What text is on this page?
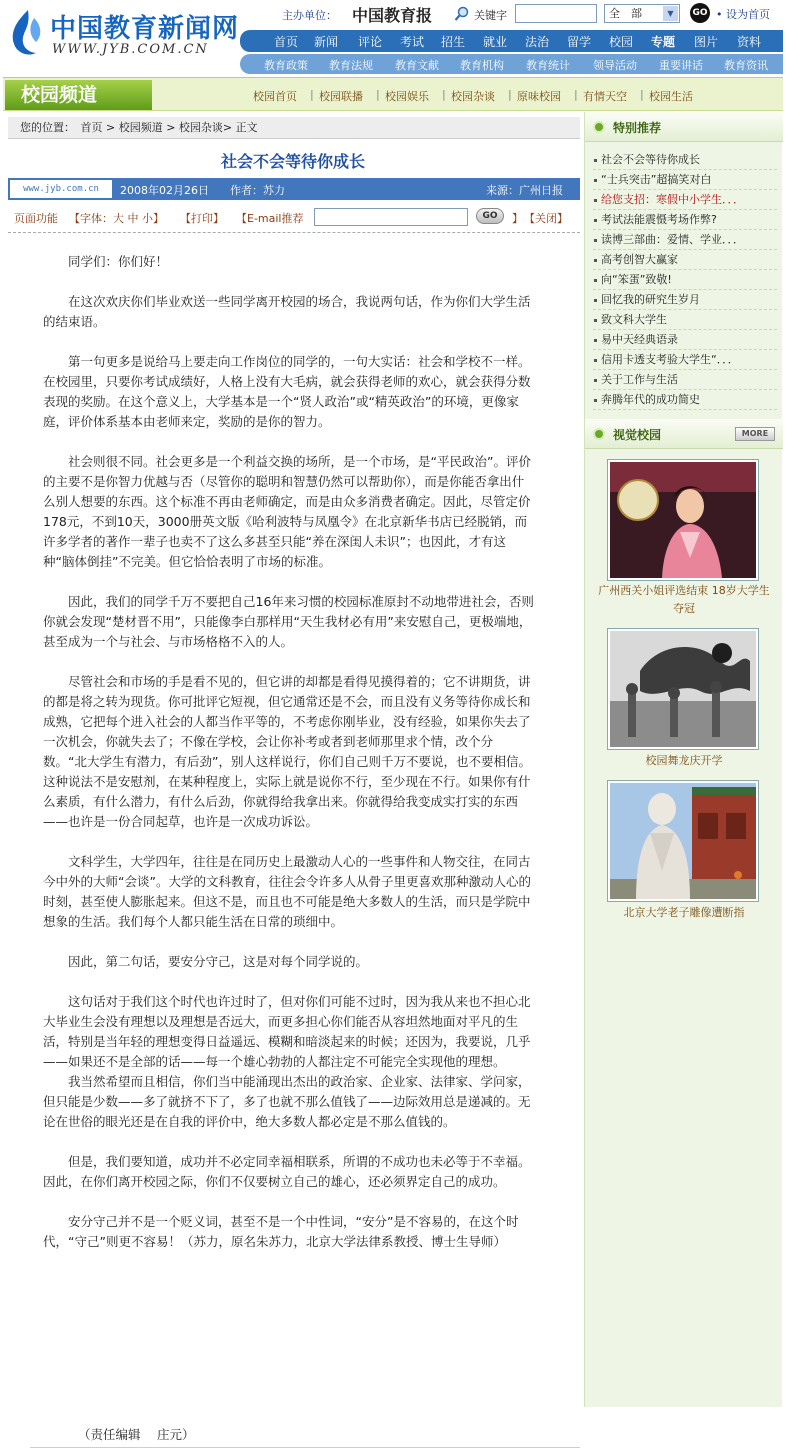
中国教育新闻网
WWW.JYB.COM.CN
主办单位： 中国教育报	关键字	全　部	▼	GO • 设为首页
首页 新闻 评论 考试 招生 就业 法治 留学 校园 专题 图片 资料
教育政策 教育法规 教育文献 教育机构 教育统计 领导活动 重要讲话 教育资讯
校园频道	校园首页 | 校园联播 | 校园娱乐 | 校园杂谈 | 原味校园 | 有情天空 | 校园生活
您的位置：　首页 > 校园频道 > 校园杂谈> 正文
社会不会等待你成长
www.jyb.com.cn	2008年02月26日 作者：苏力	来源：广州日报
页面功能 【字体：大 中 小】 【打印】 【E-mail推荐	GO	】 【关闭】

同学们：你们好！

在这次欢庆你们毕业欢送一些同学离开校园的场合，我说两句话，作为你们大学生活的结束语。

第一句更多是说给马上要走向工作岗位的同学的，一句大实话：社会和学校不一样。在校园里，只要你考试成绩好，人格上没有大毛病，就会获得老师的欢心，就会获得分数表现的奖励。在这个意义上，大学基本是一个“贤人政治”或“精英政治”的环境，更像家庭，评价体系基本由老师来定，奖励的是你的智力。

社会则很不同。社会更多是一个利益交换的场所，是一个市场，是“平民政治”。评价的主要不是你智力优越与否（尽管你的聪明和智慧仍然可以帮助你），而是你能否拿出什么别人想要的东西。这个标准不再由老师确定，而是由众多消费者确定。因此，尽管定价178元，不到10天，3000册英文版《哈利波特与凤凰令》在北京新华书店已经脱销，而许多学者的著作一辈子也卖不了这么多甚至只能“养在深闺人未识”；也因此，才有这种“脑体倒挂”不完美。但它恰恰表明了市场的标准。

因此，我们的同学千万不要把自己16年来习惯的校园标准原封不动地带进社会，否则你就会发现“楚材晋不用”，只能像李白那样用“天生我材必有用”来安慰自己，更极端地，甚至成为一个与社会、与市场格格不入的人。

尽管社会和市场的手是看不见的，但它讲的却都是看得见摸得着的；它不讲期货，讲的都是将之转为现货。你可批评它短视，但它通常还是不会，而且没有义务等待你成长和成熟，它把每个进入社会的人都当作平等的，不考虑你刚毕业，没有经验，如果你失去了一次机会，你就失去了；不像在学校，会让你补考或者到老师那里求个情，改个分数。“北大学生有潜力，有后劲”，别人这样说行，你们自己则千万不要说，也不要相信。这种说法不是安慰剂，在某种程度上，实际上就是说你不行，至少现在不行。如果你有什么素质，有什么潜力，有什么后劲，你就得给我拿出来。你就得给我变成实打实的东西——也许是一份合同起草，也许是一次成功诉讼。

文科学生，大学四年，往往是在同历史上最激动人心的一些事件和人物交往，在同古今中外的大师“会谈”。大学的文科教育，往往会令许多人从骨子里更喜欢那种激动人心的时刻，甚至使人膨胀起来。但这不是，而且也不可能是绝大多数人的生活，而只是学院中想象的生活。我们每个人都只能生活在日常的琐细中。

因此，第二句话，要安分守己，这是对每个同学说的。

这句话对于我们这个时代也许过时了，但对你们可能不过时，因为我从来也不担心北大毕业生会没有理想以及理想是否远大，而更多担心你们能否从容坦然地面对平凡的生活，特别是当年轻的理想变得日益遥远、模糊和暗淡起来的时候；还因为，我要说，几乎——如果还不是全部的话——每一个雄心勃勃的人都注定不可能完全实现他的理想。

我当然希望而且相信，你们当中能涌现出杰出的政治家、企业家、法律家、学问家，但只能是少数——多了就挤不下了，多了也就不那么值钱了——边际效用总是递减的。无论在世俗的眼光还是在自我的评价中，绝大多数人都必定是不那么值钱的。

但是，我们要知道，成功并不必定同幸福相联系，所谓的不成功也未必等于不幸福。因此，在你们离开校园之际，你们不仅要树立自己的雄心，还必须界定自己的成功。

安分守己并不是一个贬义词，甚至不是一个中性词，“安分”是不容易的，在这个时代，“守己”则更不容易！（苏力，原名朱苏力，北京大学法律系教授、博士生导师）

（责任编辑　 庄元）
特别推荐
社会不会等待你成长
“士兵突击”超搞笑对白
给您支招：寒假中小学生．．．
考试法能震慑考场作弊?
读博三部曲：爱情、学业．．．
高考创智大赢家
向“笨蛋”致敬!
回忆我的研究生岁月
致文科大学生
易中天经典语录
信用卡透支考验大学生“．．．
关于工作与生活
奔腾年代的成功简史
视觉校园	MORE
广州西关小姐评选结束 18岁大学生夺冠
校园舞龙庆开学
北京大学老子雕像遭断指
